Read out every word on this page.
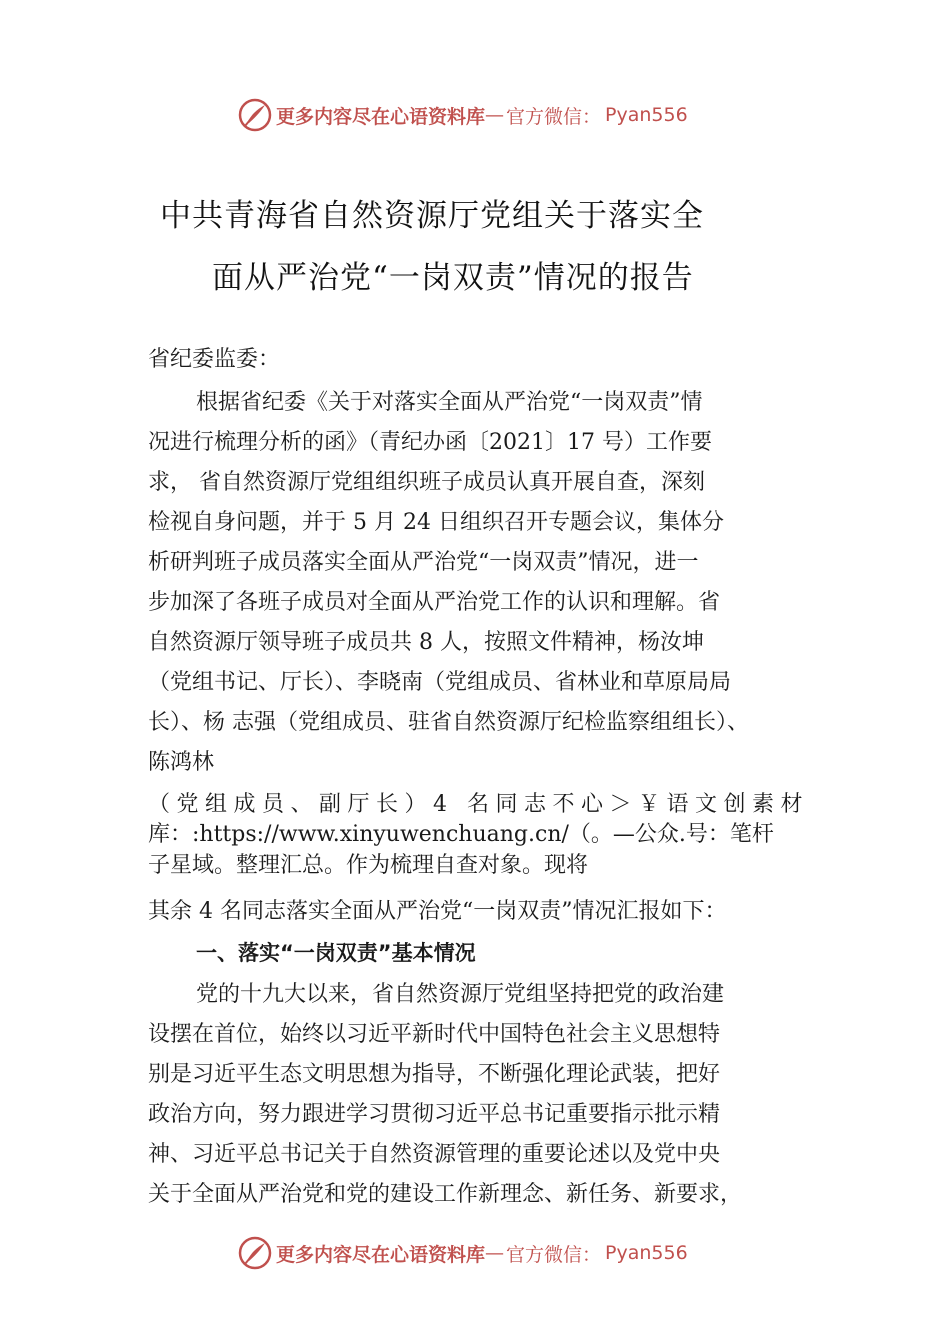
更多内容尽在心语资料库 — 官方微信： Pyan556
中共青海省自然资源厅党组关于落实全
面从严治党“一岗双责”情况的报告
省纪委监委：
根据省纪委《关于对落实全面从严治党“一岗双责”情
况进行梳理分析的函》（青纪办函〔2021〕17 号）工作要
求， 省自然资源厅党组组织班子成员认真开展自查，深刻
检视自身问题，并于 5 月 24 日组织召开专题会议，集体分
析研判班子成员落实全面从严治党“一岗双责”情况，进一
步加深了各班子成员对全面从严治党工作的认识和理解。省
自然资源厅领导班子成员共 8 人，按照文件精神，杨汝坤
（党组书记、厅长）、李晓南（党组成员、省林业和草原局局
长）、杨 志强（党组成员、驻省自然资源厅纪检监察组组长）、
陈鸿林
（党组成员、副厅长）4 名同志不心＞￥语文创素材
库：:https://www.xinyuwenchuang.cn/（。—公众.号：笔杆
子星域。整理汇总。作为梳理自查对象。现将
其余 4 名同志落实全面从严治党“一岗双责”情况汇报如下：
一、落实“一岗双责”基本情况
党的十九大以来，省自然资源厅党组坚持把党的政治建
设摆在首位，始终以习近平新时代中国特色社会主义思想特
别是习近平生态文明思想为指导，不断强化理论武装，把好
政治方向，努力跟进学习贯彻习近平总书记重要指示批示精
神、习近平总书记关于自然资源管理的重要论述以及党中央
关于全面从严治党和党的建设工作新理念、新任务、新要求，
更多内容尽在心语资料库 — 官方微信： Pyan556
